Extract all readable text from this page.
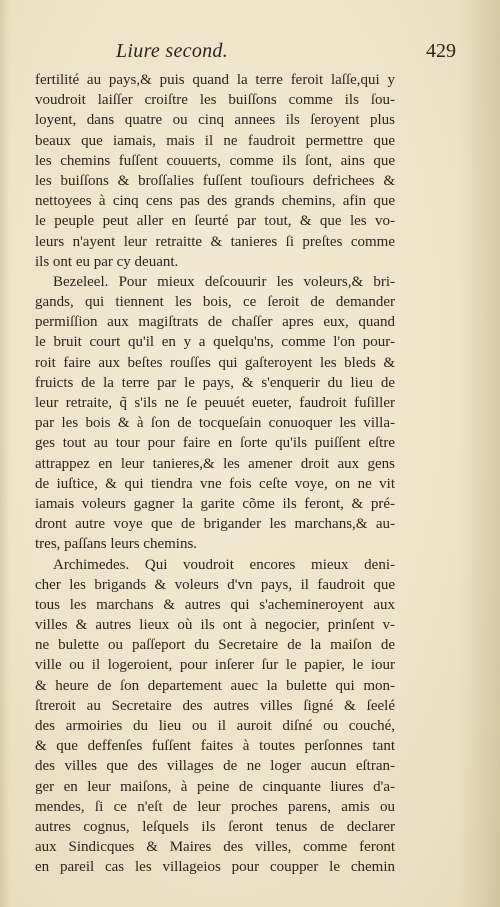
Liure second.	429
fertilité au pays,& puis quand la terre feroit laſſe,qui y
voudroit laiſſer croiſtre les buiſſons comme ils ſou-
loyent, dans quatre ou cinq annees ils ſeroyent plus
beaux que iamais, mais il ne faudroit permettre que
les chemins fuſſent couuerts, comme ils ſont, ains que
les buiſſons & broſſalies fuſſent touſiours defrichees &
nettoyees à cinq cens pas des grands chemins, afin que
le peuple peut aller en ſeurté par tout, & que les vo-
leurs n'ayent leur retraitte & tanieres ſi preſtes comme
ils ont eu par cy deuant.
Bezeleel. Pour mieux deſcouurir les voleurs,& bri-
gands, qui tiennent les bois, ce ſeroit de demander
permiſſion aux magiſtrats de chaſſer apres eux, quand
le bruit court qu'il en y a quelqu'ns, comme l'on pour-
roit faire aux beſtes rouſſes qui gaſteroyent les bleds &
fruicts de la terre par le pays, & s'enquerir du lieu de
leur retraite, q̃ s'ils ne ſe peuuét eueter, faudroit fuſiller
par les bois & à ſon de tocqueſain conuoquer les villa-
ges tout au tour pour faire en ſorte qu'ils puiſſent eſtre
attrappez en leur tanieres,& les amener droit aux gens
de iuſtice, & qui tiendra vne fois ceſte voye, on ne vit
iamais voleurs gagner la garite cõme ils feront, & pré-
dront autre voye que de brigander les marchans,& au-
tres, paſſans leurs chemins.
Archimedes. Qui voudroit encores mieux deni-
cher les brigands & voleurs d'vn pays, il faudroit que
tous les marchans & autres qui s'achemineroyent aux
villes & autres lieux où ils ont à negocier, prinſent v-
ne bulette ou paſſeport du Secretaire de la maiſon de
ville ou il logeroient, pour inſerer ſur le papier, le iour
& heure de ſon departement auec la bulette qui mon-
ſtreroit au Secretaire des autres villes ſigné & ſeelé
des armoiries du lieu ou il auroit diſné ou couché,
& que deffenſes fuſſent faites à toutes perſonnes tant
des villes que des villages de ne loger aucun eſtran-
ger en leur maiſons, à peine de cinquante liures d'a-
mendes, ſi ce n'eſt de leur proches parens, amis ou
autres cognus, leſquels ils ſeront tenus de declarer
aux Sindicques & Maires des villes, comme feront
en pareil cas les villageios pour coupper le chemin
